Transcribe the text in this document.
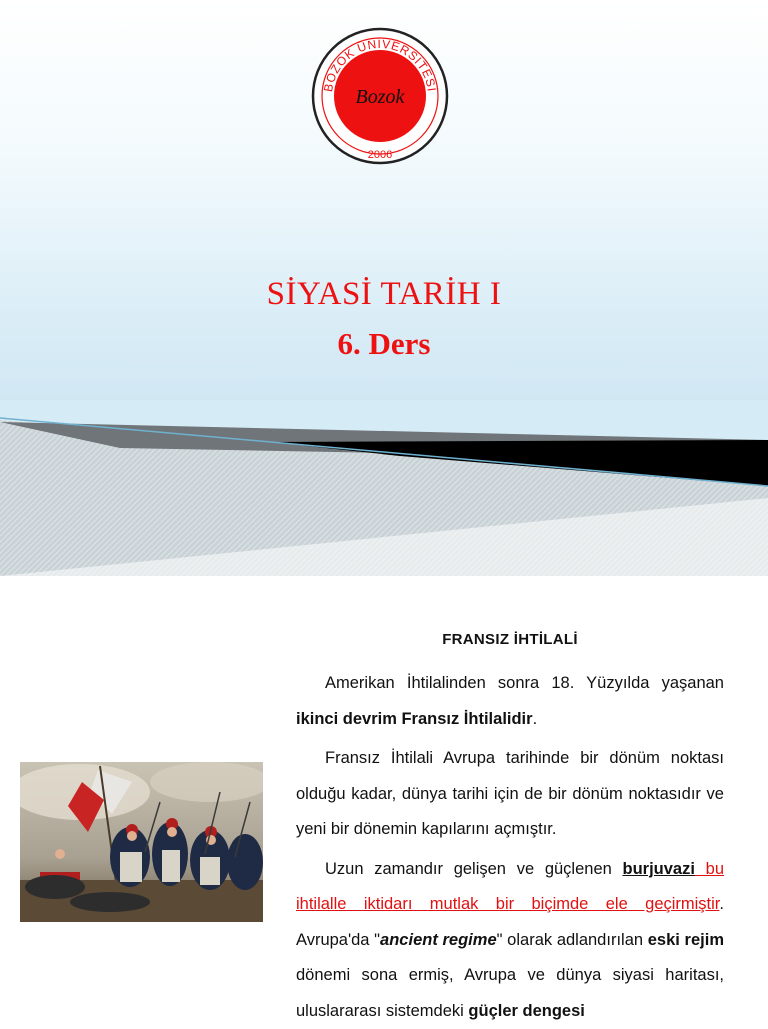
BOZOK ÜNİVERSİTESİ
Bozok
2006
SİYASİ TARİH I
6. Ders
FRANSIZ İHTİLALİ

Amerikan İhtilalinden sonra 18. Yüzyılda yaşanan ikinci devrim Fransız İhtilalidir.

Fransız İhtilali Avrupa tarihinde bir dönüm noktası olduğu kadar, dünya tarihi için de bir dönüm noktasıdır ve yeni bir dönemin kapılarını açmıştır.

Uzun zamandır gelişen ve güçlenen burjuvazi bu ihtilalle iktidarı mutlak bir biçimde ele geçirmiştir. Avrupa'da "ancient regime" olarak adlandırılan eski rejim dönemi sona ermiş, Avrupa ve dünya siyasi haritası, uluslararası sistemdeki güçler dengesi
